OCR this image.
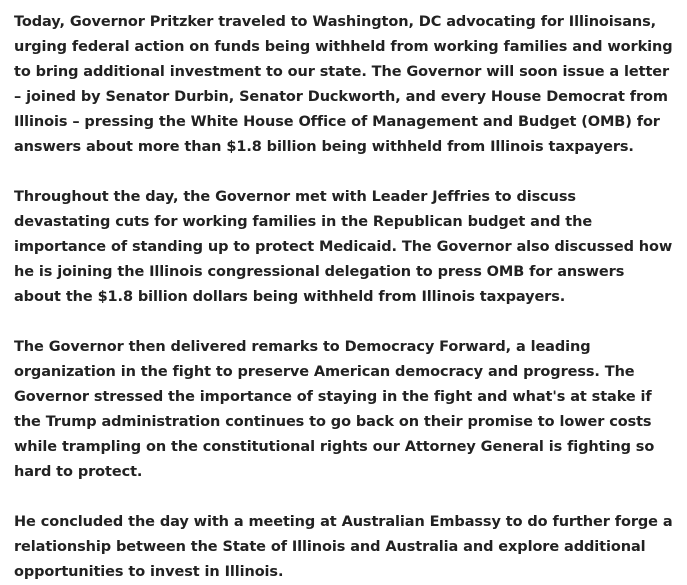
Today, Governor Pritzker traveled to Washington, DC advocating for Illinoisans, urging federal action on funds being withheld from working families and working to bring additional investment to our state. The Governor will soon issue a letter – joined by Senator Durbin, Senator Duckworth, and every House Democrat from Illinois – pressing the White House Office of Management and Budget (OMB) for answers about more than $1.8 billion being withheld from Illinois taxpayers.

Throughout the day, the Governor met with Leader Jeffries to discuss devastating cuts for working families in the Republican budget and the importance of standing up to protect Medicaid. The Governor also discussed how he is joining the Illinois congressional delegation to press OMB for answers about the $1.8 billion dollars being withheld from Illinois taxpayers.

The Governor then delivered remarks to Democracy Forward, a leading organization in the fight to preserve American democracy and progress. The Governor stressed the importance of staying in the fight and what's at stake if the Trump administration continues to go back on their promise to lower costs while trampling on the constitutional rights our Attorney General is fighting so hard to protect.

He concluded the day with a meeting at Australian Embassy to do further forge a relationship between the State of Illinois and Australia and explore additional opportunities to invest in Illinois.
